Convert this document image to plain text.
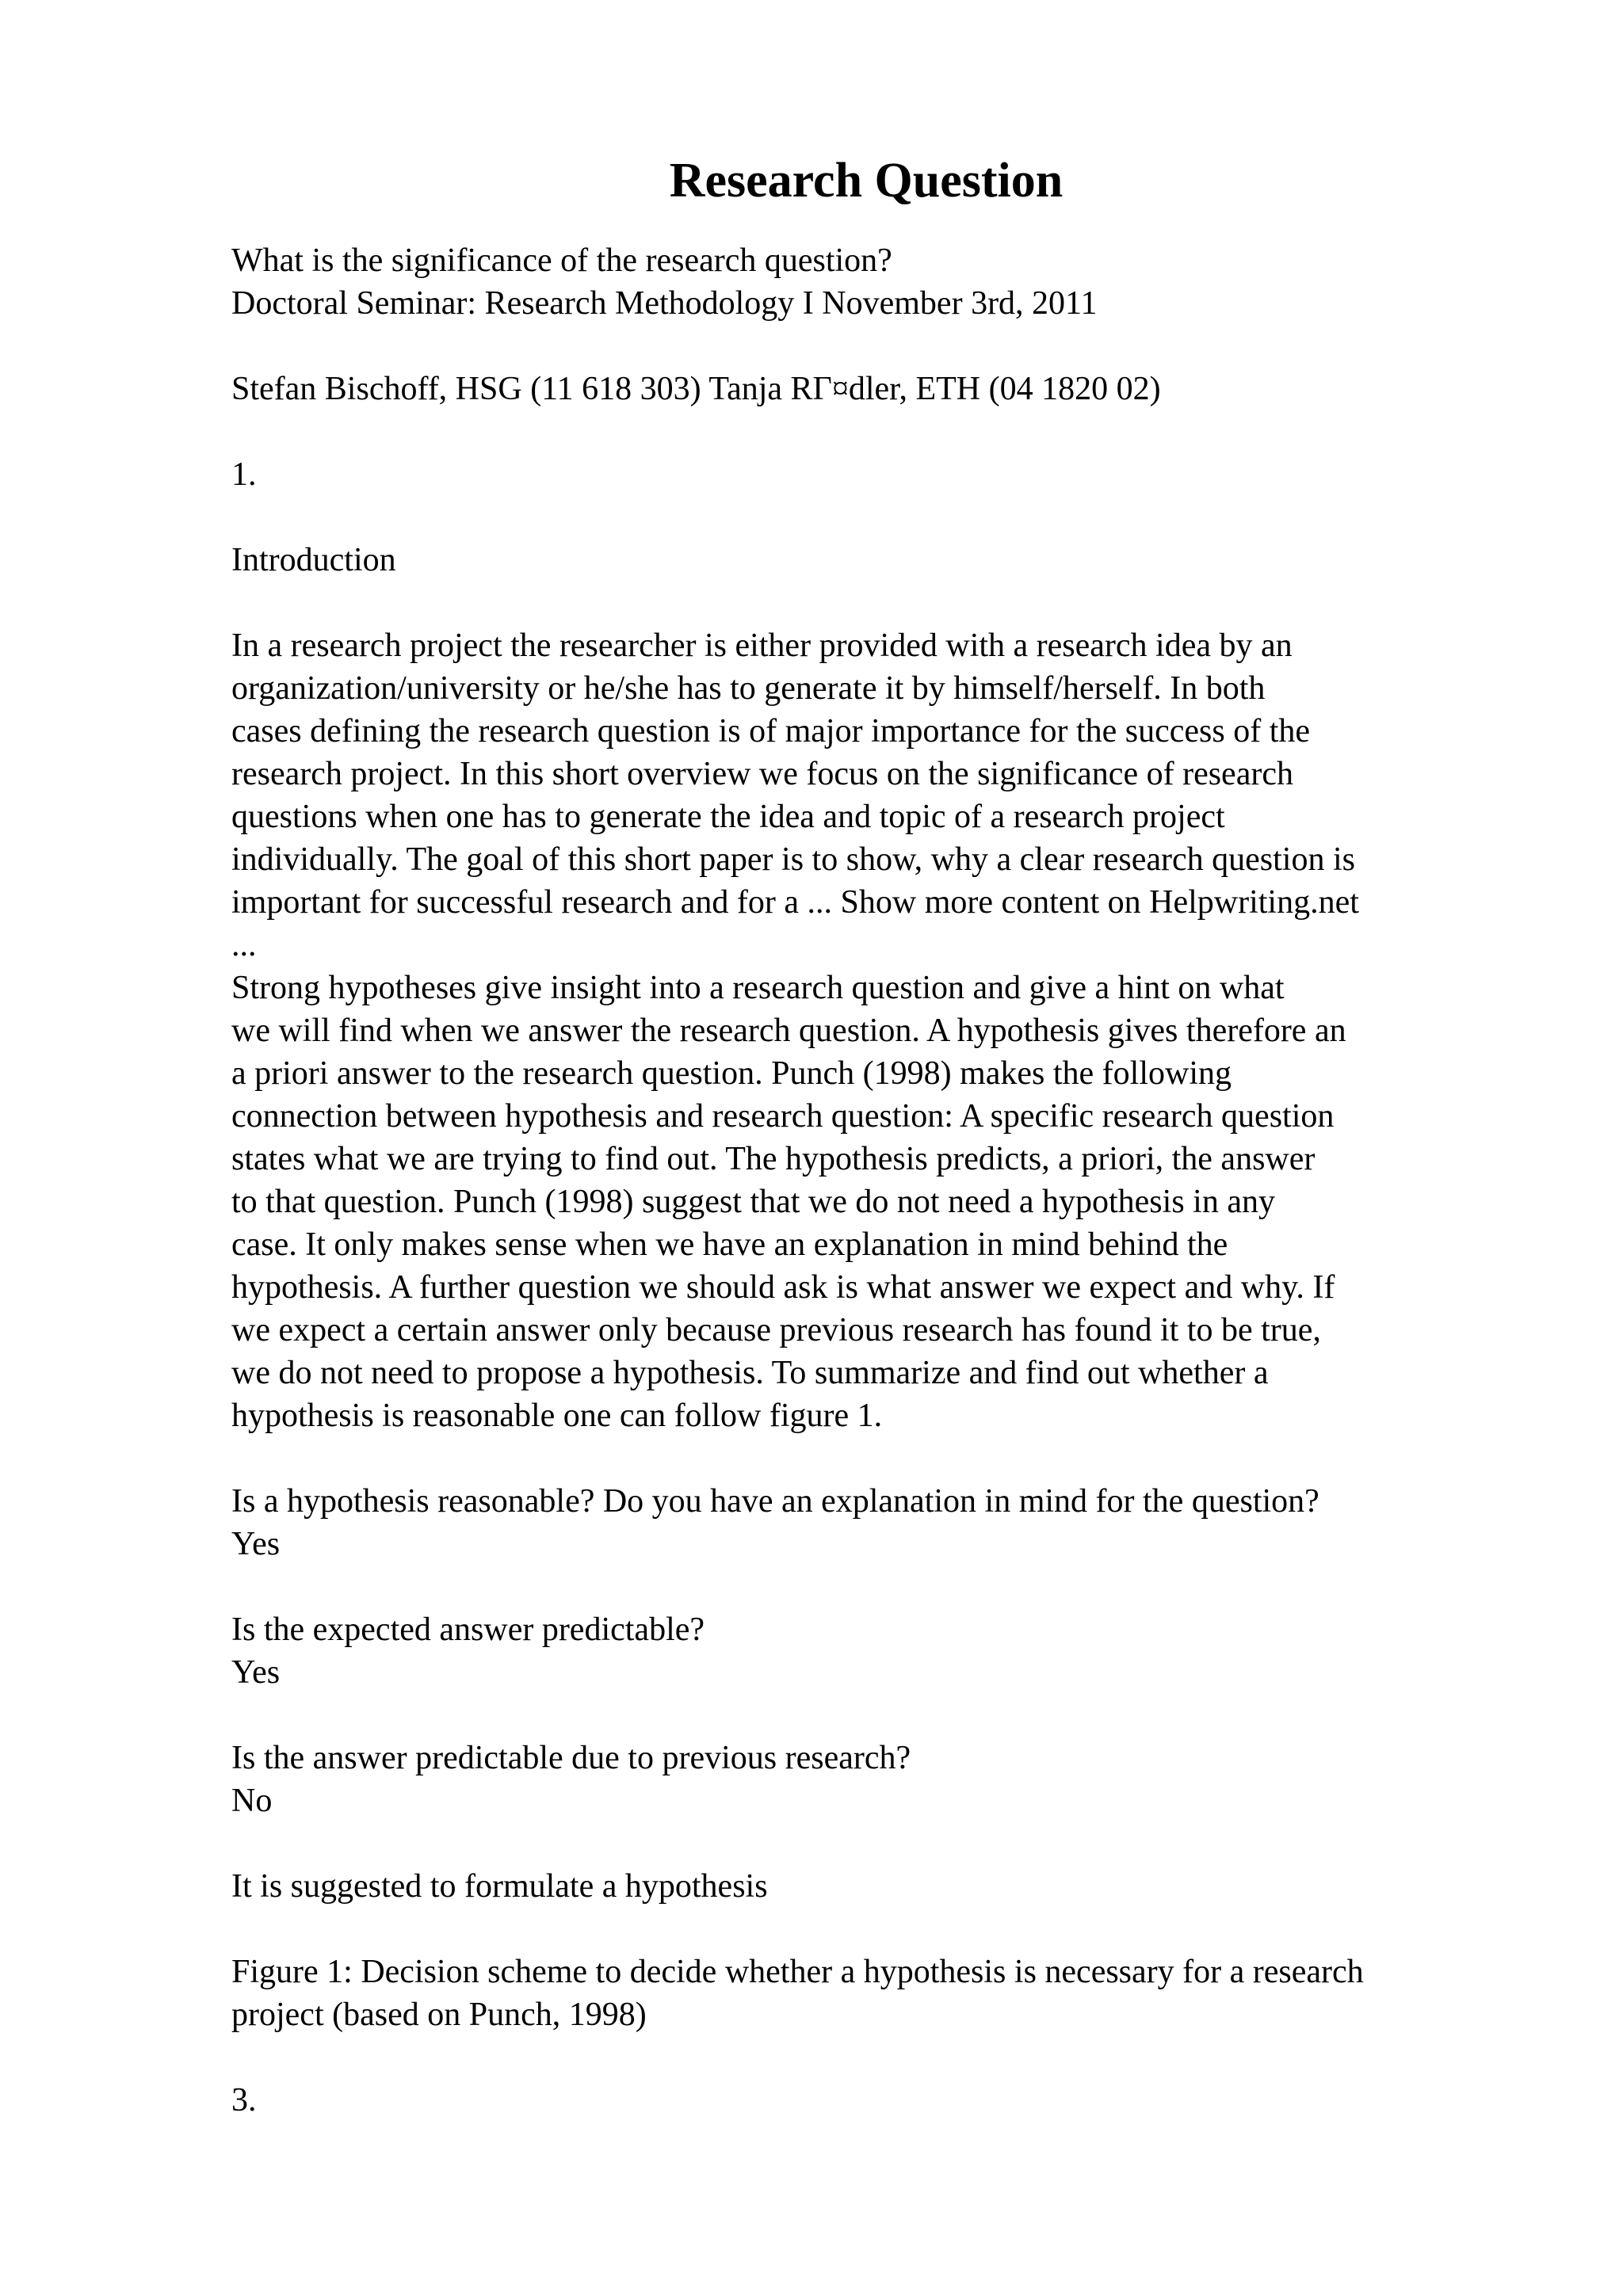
Research Question
What is the significance of the research question?
Doctoral Seminar: Research Methodology I November 3rd, 2011
Stefan Bischoff, HSG (11 618 303) Tanja RΓ¤dler, ETH (04 1820 02)
1.
Introduction
In a research project the researcher is either provided with a research idea by an
organization/university or he/she has to generate it by himself/herself. In both
cases defining the research question is of major importance for the success of the
research project. In this short overview we focus on the significance of research
questions when one has to generate the idea and topic of a research project
individually. The goal of this short paper is to show, why a clear research question is
important for successful research and for a ... Show more content on Helpwriting.net
...
Strong hypotheses give insight into a research question and give a hint on what
we will find when we answer the research question. A hypothesis gives therefore an
a priori answer to the research question. Punch (1998) makes the following
connection between hypothesis and research question: A specific research question
states what we are trying to find out. The hypothesis predicts, a priori, the answer
to that question. Punch (1998) suggest that we do not need a hypothesis in any
case. It only makes sense when we have an explanation in mind behind the
hypothesis. A further question we should ask is what answer we expect and why. If
we expect a certain answer only because previous research has found it to be true,
we do not need to propose a hypothesis. To summarize and find out whether a
hypothesis is reasonable one can follow figure 1.
Is a hypothesis reasonable? Do you have an explanation in mind for the question?
Yes
Is the expected answer predictable?
Yes
Is the answer predictable due to previous research?
No
It is suggested to formulate a hypothesis
Figure 1: Decision scheme to decide whether a hypothesis is necessary for a research
project (based on Punch, 1998)
3.
